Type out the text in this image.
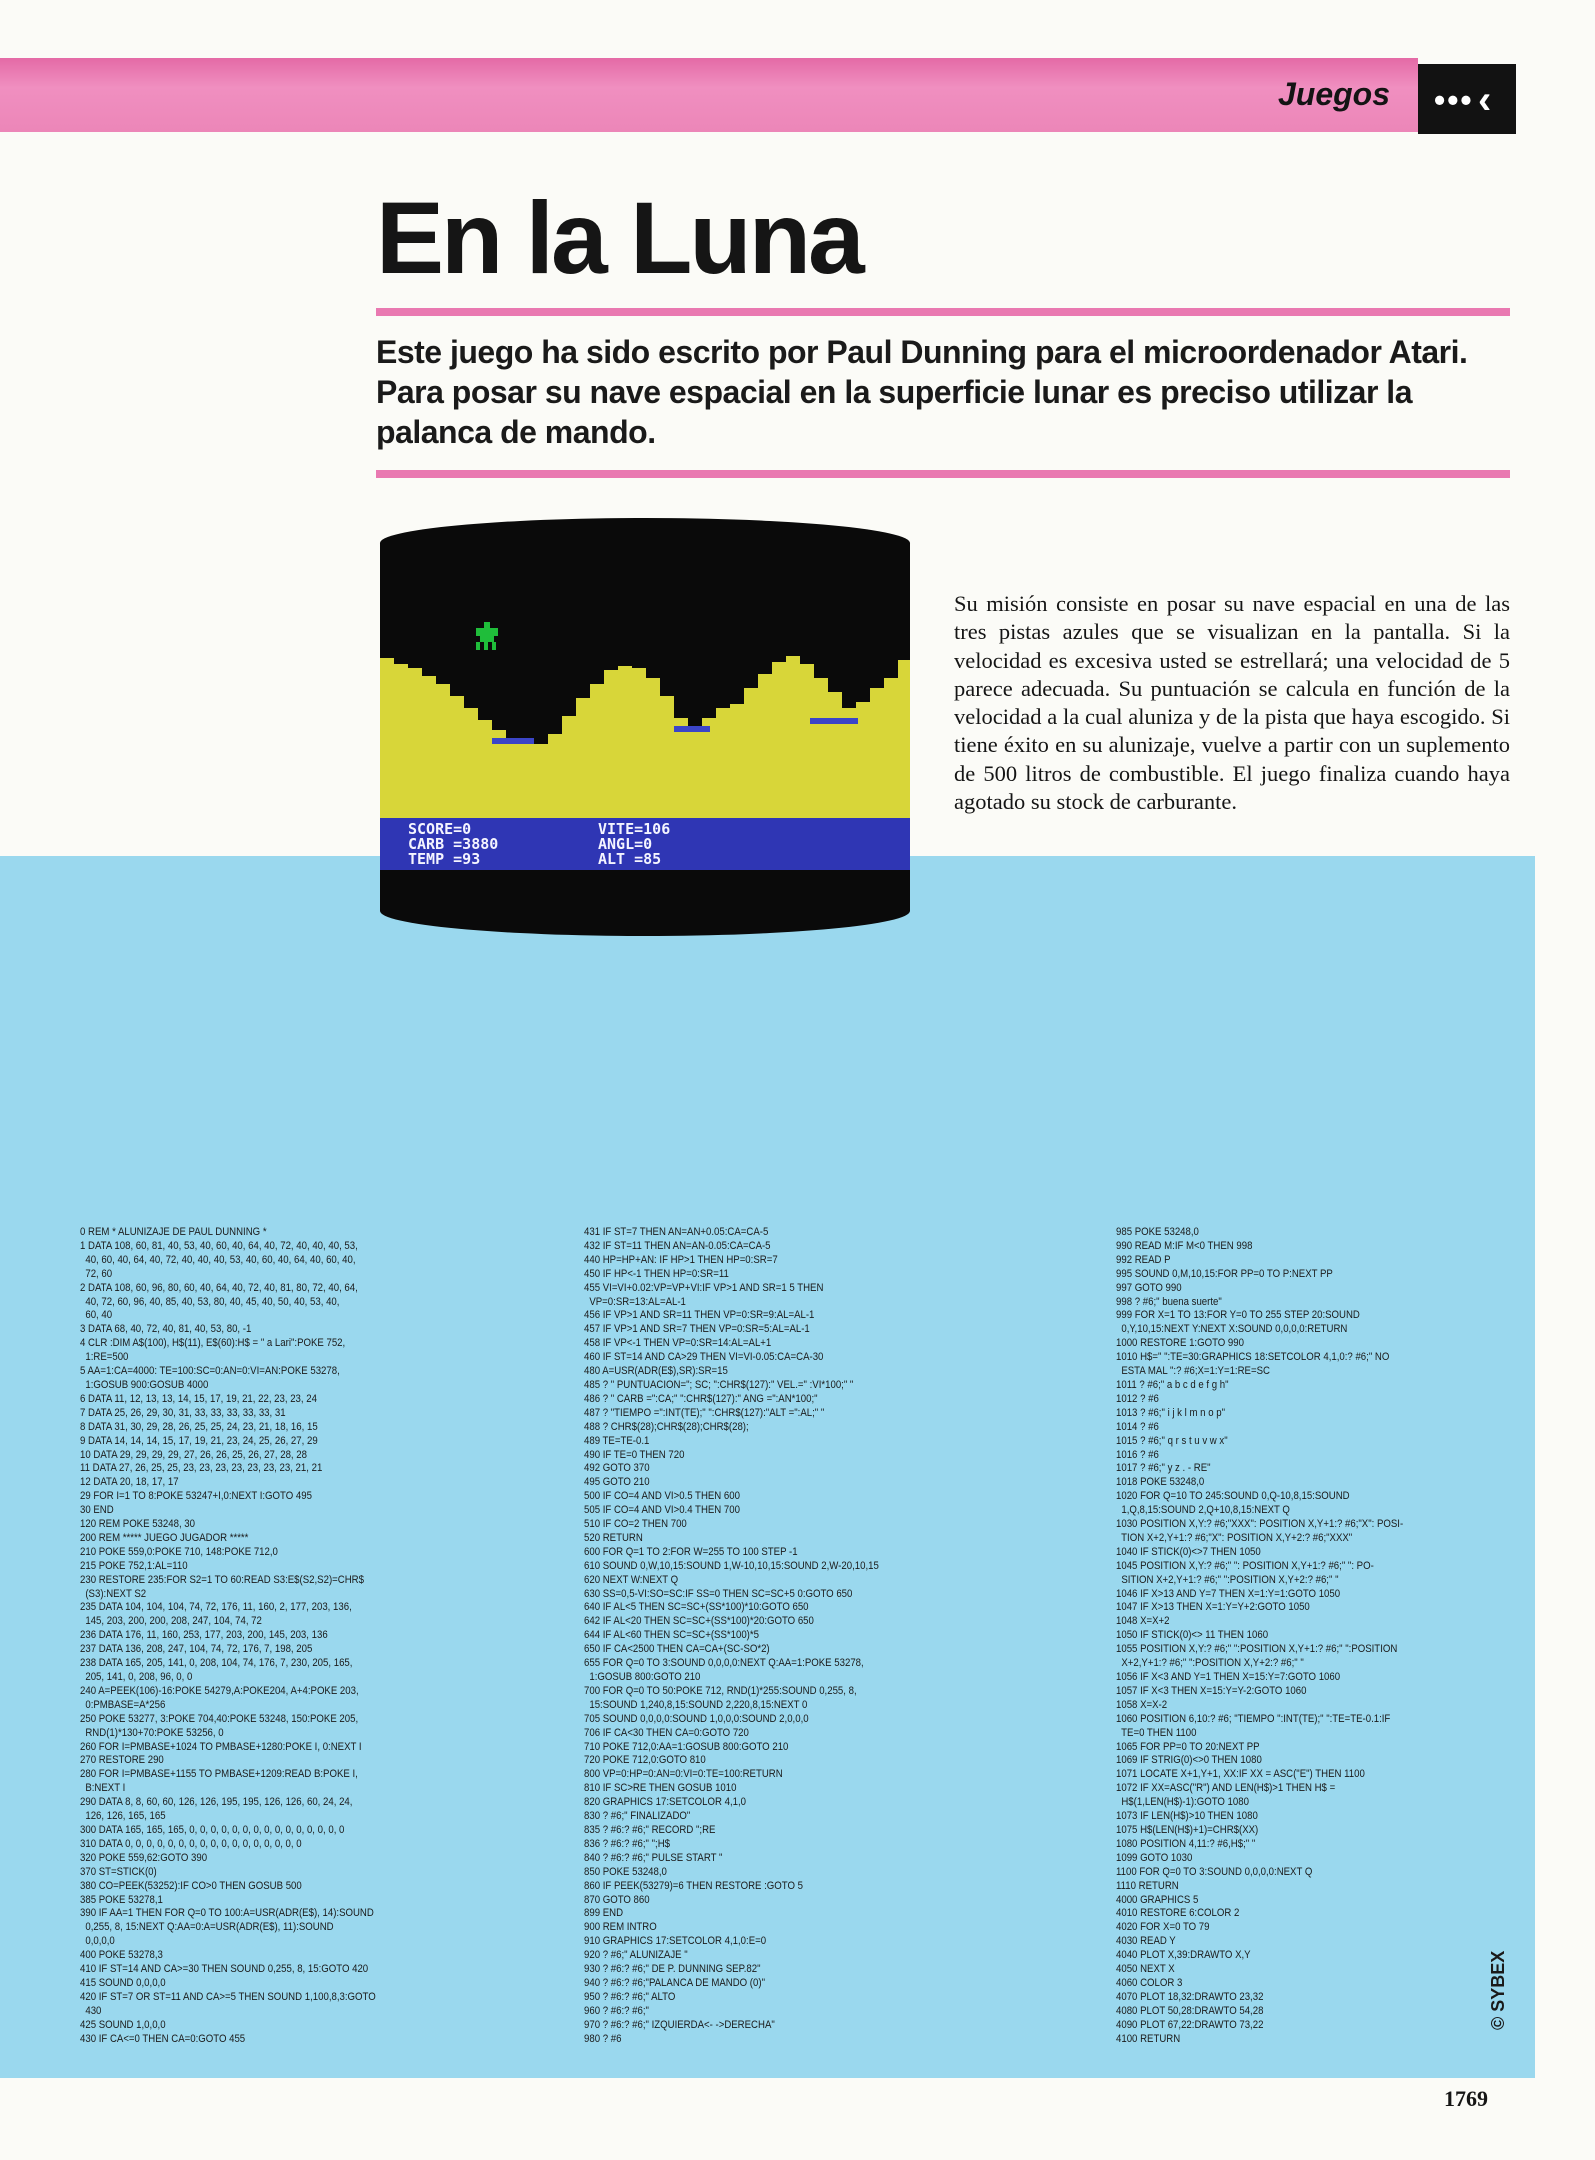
Juegos ••• ‹
En la Luna

Este juego ha sido escrito por Paul Dunning para el microordenador Atari. Para posar su nave espacial en la superficie lunar es preciso utilizar la palanca de mando.

SCORE=0
CARB =3880
TEMP =93
VITE=106
ANGL=0
ALT =85

Su misión consiste en posar su nave espacial en una de las tres pistas azules que se visualizan en la pantalla. Si la velocidad es excesiva usted se estrellará; una velocidad de 5 parece adecuada. Su puntuación se calcula en función de la velocidad a la cual aluniza y de la pista que haya escogido. Si tiene éxito en su alunizaje, vuelve a partir con un suplemento de 500 litros de combustible. El juego finaliza cuando haya agotado su stock de carburante.

0 REM * ALUNIZAJE DE PAUL DUNNING *
1 DATA 108, 60, 81, 40, 53, 40, 60, 40, 64, 40, 72, 40, 40, 40, 53,
40, 60, 40, 64, 40, 72, 40, 40, 40, 53, 40, 60, 40, 64, 40, 60, 40,
72, 60
2 DATA 108, 60, 96, 80, 60, 40, 64, 40, 72, 40, 81, 80, 72, 40, 64,
40, 72, 60, 96, 40, 85, 40, 53, 80, 40, 45, 40, 50, 40, 53, 40,
60, 40
3 DATA 68, 40, 72, 40, 81, 40, 53, 80, -1
4 CLR :DIM A$(100), H$(11), E$(60):H$ = " a Lari":POKE 752,
1:RE=500
5 AA=1:CA=4000: TE=100:SC=0:AN=0:VI=AN:POKE 53278,
1:GOSUB 900:GOSUB 4000
6 DATA 11, 12, 13, 13, 14, 15, 17, 19, 21, 22, 23, 23, 24
7 DATA 25, 26, 29, 30, 31, 33, 33, 33, 33, 33, 31
8 DATA 31, 30, 29, 28, 26, 25, 25, 24, 23, 21, 18, 16, 15
9 DATA 14, 14, 14, 15, 17, 19, 21, 23, 24, 25, 26, 27, 29
10 DATA 29, 29, 29, 29, 27, 26, 26, 25, 26, 27, 28, 28
11 DATA 27, 26, 25, 25, 23, 23, 23, 23, 23, 23, 23, 21, 21
12 DATA 20, 18, 17, 17
29 FOR I=1 TO 8:POKE 53247+I,0:NEXT I:GOTO 495
30 END
120 REM POKE 53248, 30
200 REM ***** JUEGO JUGADOR *****
210 POKE 559,0:POKE 710, 148:POKE 712,0
215 POKE 752,1:AL=110
230 RESTORE 235:FOR S2=1 TO 60:READ S3:E$(S2,S2)=CHR$
(S3):NEXT S2
235 DATA 104, 104, 104, 74, 72, 176, 11, 160, 2, 177, 203, 136,
145, 203, 200, 200, 208, 247, 104, 74, 72
236 DATA 176, 11, 160, 253, 177, 203, 200, 145, 203, 136
237 DATA 136, 208, 247, 104, 74, 72, 176, 7, 198, 205
238 DATA 165, 205, 141, 0, 208, 104, 74, 176, 7, 230, 205, 165,
205, 141, 0, 208, 96, 0, 0
240 A=PEEK(106)-16:POKE 54279,A:POKE204, A+4:POKE 203,
0:PMBASE=A*256
250 POKE 53277, 3:POKE 704,40:POKE 53248, 150:POKE 205,
RND(1)*130+70:POKE 53256, 0
260 FOR I=PMBASE+1024 TO PMBASE+1280:POKE I, 0:NEXT I
270 RESTORE 290
280 FOR I=PMBASE+1155 TO PMBASE+1209:READ B:POKE I,
B:NEXT I
290 DATA 8, 8, 60, 60, 126, 126, 195, 195, 126, 126, 60, 24, 24,
126, 126, 165, 165
300 DATA 165, 165, 165, 0, 0, 0, 0, 0, 0, 0, 0, 0, 0, 0, 0, 0, 0, 0
310 DATA 0, 0, 0, 0, 0, 0, 0, 0, 0, 0, 0, 0, 0, 0, 0, 0, 0
320 POKE 559,62:GOTO 390
370 ST=STICK(0)
380 CO=PEEK(53252):IF CO>0 THEN GOSUB 500
385 POKE 53278,1
390 IF AA=1 THEN FOR Q=0 TO 100:A=USR(ADR(E$), 14):SOUND
0,255, 8, 15:NEXT Q:AA=0:A=USR(ADR(E$), 11):SOUND
0,0,0,0
400 POKE 53278,3
410 IF ST=14 AND CA>=30 THEN SOUND 0,255, 8, 15:GOTO 420
415 SOUND 0,0,0,0
420 IF ST=7 OR ST=11 AND CA>=5 THEN SOUND 1,100,8,3:GOTO
430
425 SOUND 1,0,0,0
430 IF CA<=0 THEN CA=0:GOTO 455
431 IF ST=7 THEN AN=AN+0.05:CA=CA-5
432 IF ST=11 THEN AN=AN-0.05:CA=CA-5
440 HP=HP+AN: IF HP>1 THEN HP=0:SR=7
450 IF HP<-1 THEN HP=0:SR=11
455 VI=VI+0.02:VP=VP+VI:IF VP>1 AND SR=1 5 THEN
VP=0:SR=13:AL=AL-1
456 IF VP>1 AND SR=11 THEN VP=0:SR=9:AL=AL-1
457 IF VP>1 AND SR=7 THEN VP=0:SR=5:AL=AL-1
458 IF VP<-1 THEN VP=0:SR=14:AL=AL+1
460 IF ST=14 AND CA>29 THEN VI=VI-0.05:CA=CA-30
480 A=USR(ADR(E$),SR):SR=15
485 ? " PUNTUACION="; SC; ":CHR$(127):" VEL.=" :VI*100;" "
486 ? " CARB =":CA;" ":CHR$(127):" ANG =":AN*100;"
487 ? "TIEMPO =":INT(TE);" ":CHR$(127):"ALT =":AL;" "
488 ? CHR$(28);CHR$(28);CHR$(28);
489 TE=TE-0.1
490 IF TE=0 THEN 720
492 GOTO 370
495 GOTO 210
500 IF CO=4 AND VI>0.5 THEN 600
505 IF CO=4 AND VI>0.4 THEN 700
510 IF CO=2 THEN 700
520 RETURN
600 FOR Q=1 TO 2:FOR W=255 TO 100 STEP -1
610 SOUND 0,W,10,15:SOUND 1,W-10,10,15:SOUND 2,W-20,10,15
620 NEXT W:NEXT Q
630 SS=0,5-VI:SO=SC:IF SS=0 THEN SC=SC+5 0:GOTO 650
640 IF AL<5 THEN SC=SC+(SS*100)*10:GOTO 650
642 IF AL<20 THEN SC=SC+(SS*100)*20:GOTO 650
644 IF AL<60 THEN SC=SC+(SS*100)*5
650 IF CA<2500 THEN CA=CA+(SC-SO*2)
655 FOR Q=0 TO 3:SOUND 0,0,0,0:NEXT Q:AA=1:POKE 53278,
1:GOSUB 800:GOTO 210
700 FOR Q=0 TO 50:POKE 712, RND(1)*255:SOUND 0,255, 8,
15:SOUND 1,240,8,15:SOUND 2,220,8,15:NEXT 0
705 SOUND 0,0,0,0:SOUND 1,0,0,0:SOUND 2,0,0,0
706 IF CA<30 THEN CA=0:GOTO 720
710 POKE 712,0:AA=1:GOSUB 800:GOTO 210
720 POKE 712,0:GOTO 810
800 VP=0:HP=0:AN=0:VI=0:TE=100:RETURN
810 IF SC>RE THEN GOSUB 1010
820 GRAPHICS 17:SETCOLOR 4,1,0
830 ? #6;" FINALIZADO"
835 ? #6:? #6;" RECORD ";RE
836 ? #6:? #6;" ";H$
840 ? #6:? #6;" PULSE START "
850 POKE 53248,0
860 IF PEEK(53279)=6 THEN RESTORE :GOTO 5
870 GOTO 860
899 END
900 REM INTRO
910 GRAPHICS 17:SETCOLOR 4,1,0:E=0
920 ? #6;" ALUNIZAJE "
930 ? #6:? #6;" DE P. DUNNING SEP.82"
940 ? #6:? #6;"PALANCA DE MANDO (0)"
950 ? #6:? #6;" ALTO
960 ? #6:? #6;"
970 ? #6:? #6;" IZQUIERDA<- ->DERECHA"
980 ? #6
985 POKE 53248,0
990 READ M:IF M<0 THEN 998
992 READ P
995 SOUND 0,M,10,15:FOR PP=0 TO P:NEXT PP
997 GOTO 990
998 ? #6;" buena suerte"
999 FOR X=1 TO 13:FOR Y=0 TO 255 STEP 20:SOUND
0,Y,10,15:NEXT Y:NEXT X:SOUND 0,0,0,0:RETURN
1000 RESTORE 1:GOTO 990
1010 H$=" ":TE=30:GRAPHICS 18:SETCOLOR 4,1,0:? #6;" NO
ESTA MAL ":? #6;X=1:Y=1:RE=SC
1011 ? #6;" a b c d e f g h"
1012 ? #6
1013 ? #6;" i j k l m n o p"
1014 ? #6
1015 ? #6;" q r s t u v w x"
1016 ? #6
1017 ? #6;" y z . - RE"
1018 POKE 53248,0
1020 FOR Q=10 TO 245:SOUND 0,Q-10,8,15:SOUND
1,Q,8,15:SOUND 2,Q+10,8,15:NEXT Q
1030 POSITION X,Y:? #6;"XXX": POSITION X,Y+1:? #6;"X": POSI-
TION X+2,Y+1:? #6;"X": POSITION X,Y+2:? #6;"XXX"
1040 IF STICK(0)<>7 THEN 1050
1045 POSITION X,Y:? #6;" ": POSITION X,Y+1:? #6;" ": PO-
SITION X+2,Y+1:? #6;" ":POSITION X,Y+2:? #6;" "
1046 IF X>13 AND Y=7 THEN X=1:Y=1:GOTO 1050
1047 IF X>13 THEN X=1:Y=Y+2:GOTO 1050
1048 X=X+2
1050 IF STICK(0)<> 11 THEN 1060
1055 POSITION X,Y:? #6;" ":POSITION X,Y+1:? #6;" ":POSITION
X+2,Y+1:? #6;" ":POSITION X,Y+2:? #6;" "
1056 IF X<3 AND Y=1 THEN X=15:Y=7:GOTO 1060
1057 IF X<3 THEN X=15:Y=Y-2:GOTO 1060
1058 X=X-2
1060 POSITION 6,10:? #6; "TIEMPO ":INT(TE);" ":TE=TE-0.1:IF
TE=0 THEN 1100
1065 FOR PP=0 TO 20:NEXT PP
1069 IF STRIG(0)<>0 THEN 1080
1071 LOCATE X+1,Y+1, XX:IF XX = ASC("E") THEN 1100
1072 IF XX=ASC("R") AND LEN(H$)>1 THEN H$ =
H$(1,LEN(H$)-1):GOTO 1080
1073 IF LEN(H$)>10 THEN 1080
1075 H$(LEN(H$)+1)=CHR$(XX)
1080 POSITION 4,11:? #6,H$;" "
1099 GOTO 1030
1100 FOR Q=0 TO 3:SOUND 0,0,0,0:NEXT Q
1110 RETURN
4000 GRAPHICS 5
4010 RESTORE 6:COLOR 2
4020 FOR X=0 TO 79
4030 READ Y
4040 PLOT X,39:DRAWTO X,Y
4050 NEXT X
4060 COLOR 3
4070 PLOT 18,32:DRAWTO 23,32
4080 PLOT 50,28:DRAWTO 54,28
4090 PLOT 67,22:DRAWTO 73,22
4100 RETURN
© SYBEX
1769
